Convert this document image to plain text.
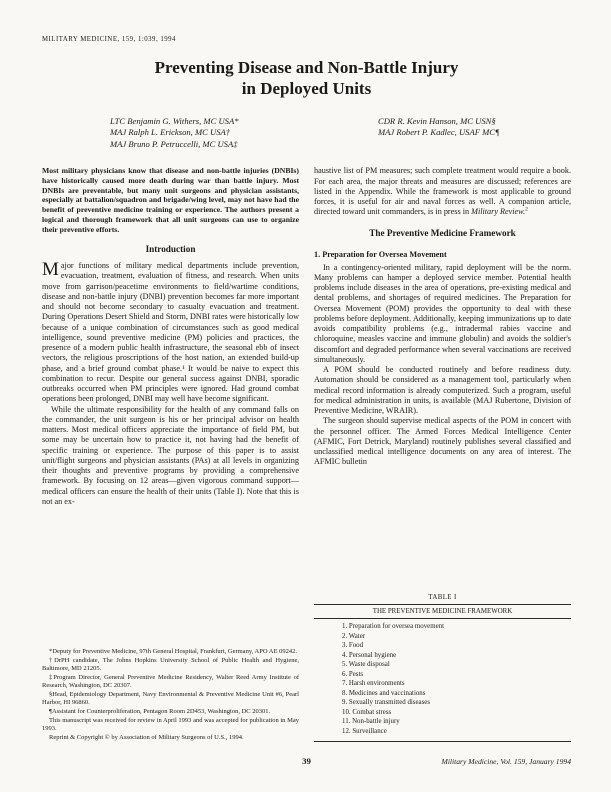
MILITARY MEDICINE, 159, 1:039, 1994
Preventing Disease and Non-Battle Injury
in Deployed Units
LTC Benjamin G. Withers, MC USA*
MAJ Ralph L. Erickson, MC USA†
MAJ Bruno P. Petruccelli, MC USA‡
CDR R. Kevin Hanson, MC USN§
MAJ Robert P. Kadlec, USAF MC¶

Most military physicians know that disease and non-battle injuries (DNBIs) have historically caused more death during war than battle injury. Most DNBIs are preventable, but many unit surgeons and physician assistants, especially at battalion/squadron and brigade/wing level, may not have had the benefit of preventive medicine training or experience. The authors present a logical and thorough framework that all unit surgeons can use to organize their preventive efforts.

Introduction

Major functions of military medical departments include prevention, evacuation, treatment, evaluation of fitness, and research. When units move from garrison/peacetime environments to field/wartime conditions, disease and non-battle injury (DNBI) prevention becomes far more important and should not become secondary to casualty evacuation and treatment. During Operations Desert Shield and Storm, DNBI rates were historically low because of a unique combination of circumstances such as good medical intelligence, sound preventive medicine (PM) policies and practices, the presence of a modern public health infrastructure, the seasonal ebb of insect vectors, the religious proscriptions of the host nation, an extended build-up phase, and a brief ground combat phase.¹ It would be naive to expect this combination to recur. Despite our general success against DNBI, sporadic outbreaks occurred when PM principles were ignored. Had ground combat operations been prolonged, DNBI may well have become significant.

While the ultimate responsibility for the health of any command falls on the commander, the unit surgeon is his or her principal advisor on health matters. Most medical officers appreciate the importance of field PM, but some may be uncertain how to practice it, not having had the benefit of specific training or experience. The purpose of this paper is to assist unit/flight surgeons and physician assistants (PAs) at all levels in organizing their thoughts and preventive programs by providing a comprehensive framework. By focusing on 12 areas—given vigorous command support—medical officers can ensure the health of their units (Table I). Note that this is not an ex-

*Deputy for Preventive Medicine, 97th General Hospital, Frankfurt, Germany, APO AE 09242.

†DrPH candidate, The Johns Hopkins University School of Public Health and Hygiene, Baltimore, MD 21205.

‡Program Director, General Preventive Medicine Residency, Walter Reed Army Institute of Research, Washington, DC 20307.

§Head, Epidemiology Department, Navy Environmental & Preventive Medicine Unit #6, Pearl Harbor, HI 96860.

¶Assistant for Counterproliferation, Pentagon Room 2D453, Washington, DC 20301.

This manuscript was received for review in April 1993 and was accepted for publication in May 1993.

Reprint & Copyright © by Association of Military Surgeons of U.S., 1994.

haustive list of PM measures; such complete treatment would require a book. For each area, the major threats and measures are discussed; references are listed in the Appendix. While the framework is most applicable to ground forces, it is useful for air and naval forces as well. A companion article, directed toward unit commanders, is in press in Military Review.$^2$

The Preventive Medicine Framework
1. Preparation for Oversea Movement

In a contingency-oriented military, rapid deployment will be the norm. Many problems can hamper a deployed service member. Potential health problems include diseases in the area of operations, pre-existing medical and dental problems, and shortages of required medicines. The Preparation for Oversea Movement (POM) provides the opportunity to deal with these problems before deployment. Additionally, keeping immunizations up to date avoids compatibility problems (e.g., intradermal rabies vaccine and chloroquine, measles vaccine and immune globulin) and avoids the soldier's discomfort and degraded performance when several vaccinations are received simultaneously.

A POM should be conducted routinely and before readiness duty. Automation should be considered as a management tool, particularly when medical record information is already computerized. Such a program, useful for medical administration in units, is available (MAJ Rubertone, Division of Preventive Medicine, WRAIR).

The surgeon should supervise medical aspects of the POM in concert with the personnel officer. The Armed Forces Medical Intelligence Center (AFMIC, Fort Detrick, Maryland) routinely publishes several classified and unclassified medical intelligence documents on any area of interest. The AFMIC bulletin

TABLE I
THE PREVENTIVE MEDICINE FRAMEWORK
1. Preparation for oversea movement
2. Water
3. Food
4. Personal hygiene
5. Waste disposal
6. Pests
7. Harsh environments
8. Medicines and vaccinations
9. Sexually transmitted diseases
10. Combat stress
11. Non-battle injury
12. Surveillance
39	Military Medicine, Vol. 159, January 1994
